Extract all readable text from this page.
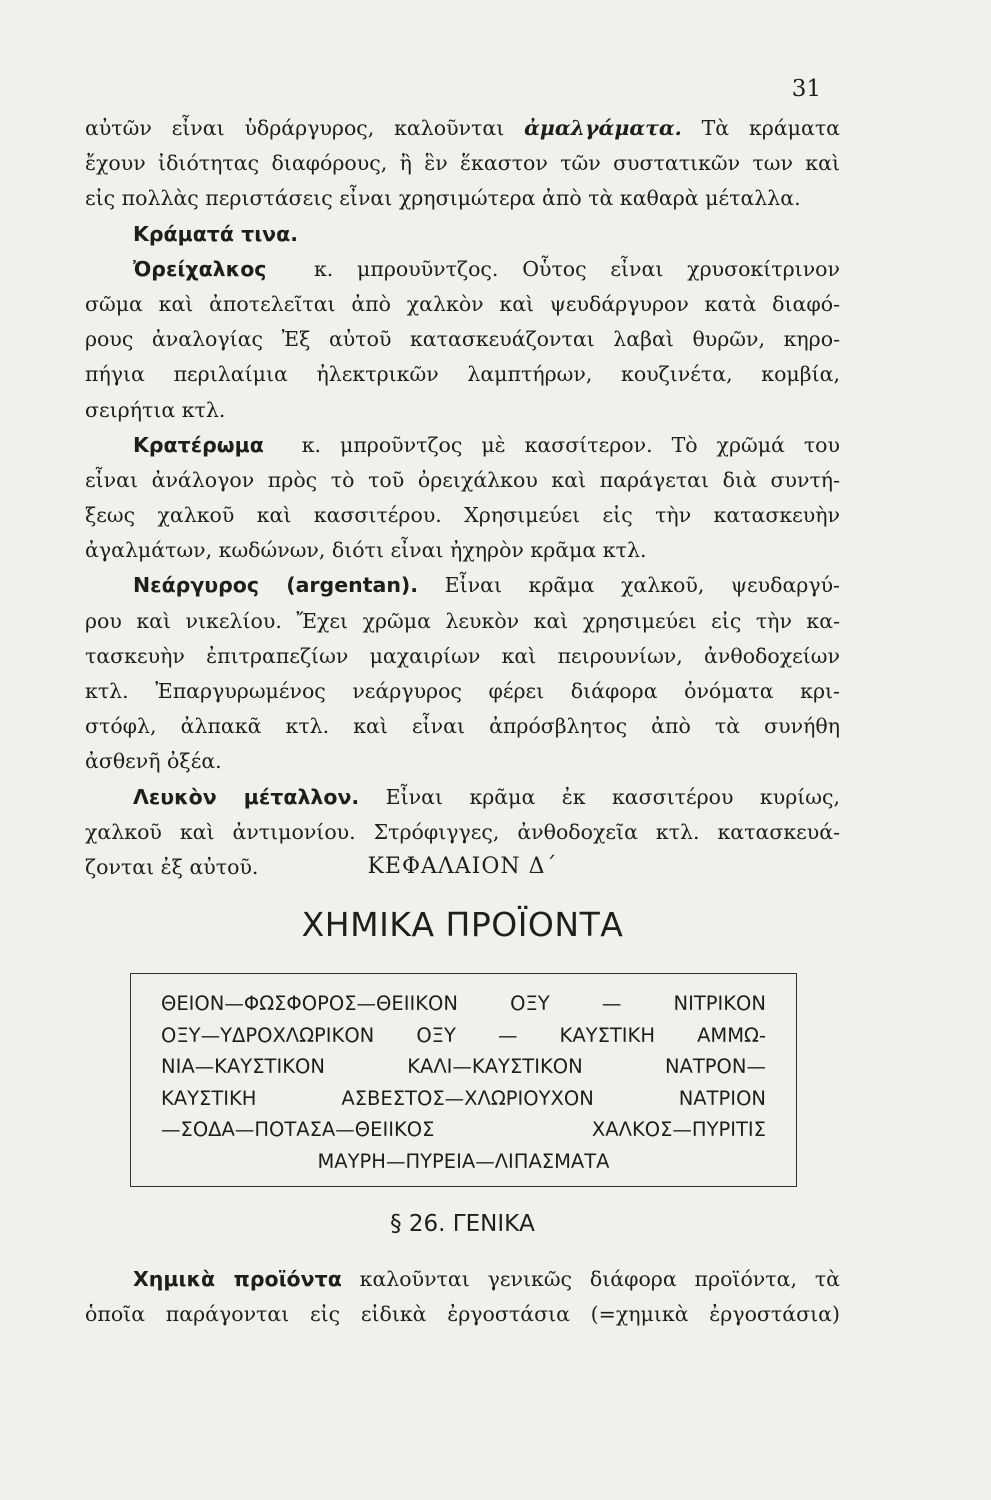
31
αὐτῶν εἶναι ὑδράργυρος, καλοῦνται ἀμαλγάματα. Τὰ κράματα
ἔχουν ἰδιότητας διαφόρους, ἢ ἓν ἕκαστον τῶν συστατικῶν των καὶ
εἰς πολλὰς περιστάσεις εἶναι χρησιμώτερα ἀπὸ τὰ καθαρὰ μέταλλα.
Κράματά τινα.
Ὀρείχαλκος κ. μπρουῦντζος. Οὗτος εἶναι χρυσοκίτρινον
σῶμα καὶ ἀποτελεῖται ἀπὸ χαλκὸν καὶ ψευδάργυρον κατὰ διαφό-
ρους ἀναλογίας Ἐξ αὐτοῦ κατασκευάζονται λαβαὶ θυρῶν, κηρο-
πήγια περιλαίμια ἠλεκτρικῶν λαμπτήρων, κουζινέτα, κομβία,
σειρήτια κτλ.
Κρατέρωμα κ. μπροῦντζος μὲ κασσίτερον. Τὸ χρῶμά του
εἶναι ἀνάλογον πρὸς τὸ τοῦ ὀρειχάλκου καὶ παράγεται διὰ συντή-
ξεως χαλκοῦ καὶ κασσιτέρου. Χρησιμεύει εἰς τὴν κατασκευὴν
ἀγαλμάτων, κωδώνων, διότι εἶναι ἠχηρὸν κρᾶμα κτλ.
Νεάργυρος (argentan). Εἶναι κρᾶμα χαλκοῦ, ψευδαργύ-
ρου καὶ νικελίου. Ἔχει χρῶμα λευκὸν καὶ χρησιμεύει εἰς τὴν κα-
τασκευὴν ἐπιτραπεζίων μαχαιρίων καὶ πειρουνίων, ἀνθοδοχείων
κτλ. Ἐπαργυρωμένος νεάργυρος φέρει διάφορα ὀνόματα κρι-
στόφλ, ἀλπακᾶ κτλ. καὶ εἶναι ἀπρόσβλητος ἀπὸ τὰ συνήθη
ἀσθενῆ ὀξέα.
Λευκὸν μέταλλον. Εἶναι κρᾶμα ἐκ κασσιτέρου κυρίως,
χαλκοῦ καὶ ἀντιμονίου. Στρόφιγγες, ἀνθοδοχεῖα κτλ. κατασκευά-
ζονται ἐξ αὐτοῦ.	ΚΕΦΑΛΑΙΟΝ Δ΄
ΧΗΜΙΚΑ ΠΡΟΪΟΝΤΑ
ΘΕΙΟΝ—ΦΩΣΦΟΡΟΣ—ΘΕΙΙΚΟΝ ΟΞΥ — ΝΙΤΡΙΚΟΝ
ΟΞΥ—ΥΔΡΟΧΛΩΡΙΚΟΝ ΟΞΥ — ΚΑΥΣΤΙΚΗ ΑΜΜΩ-
ΝΙΑ—ΚΑΥΣΤΙΚΟΝ ΚΑΛΙ—ΚΑΥΣΤΙΚΟΝ ΝΑΤΡΟΝ—
ΚΑΥΣΤΙΚΗ ΑΣΒΕΣΤΟΣ—ΧΛΩΡΙΟΥΧΟΝ ΝΑΤΡΙΟΝ
—ΣΟΔΑ—ΠΟΤΑΣΑ—ΘΕΙΙΚΟΣ ΧΑΛΚΟΣ—ΠΥΡΙΤΙΣ
ΜΑΥΡΗ—ΠΥΡΕΙΑ—ΛΙΠΑΣΜΑΤΑ
§ 26. ΓΕΝΙΚΑ
Χημικὰ προϊόντα καλοῦνται γενικῶς διάφορα προϊόντα, τὰ
ὁποῖα παράγονται εἰς εἰδικὰ ἐργοστάσια (=χημικὰ ἐργοστάσια)
